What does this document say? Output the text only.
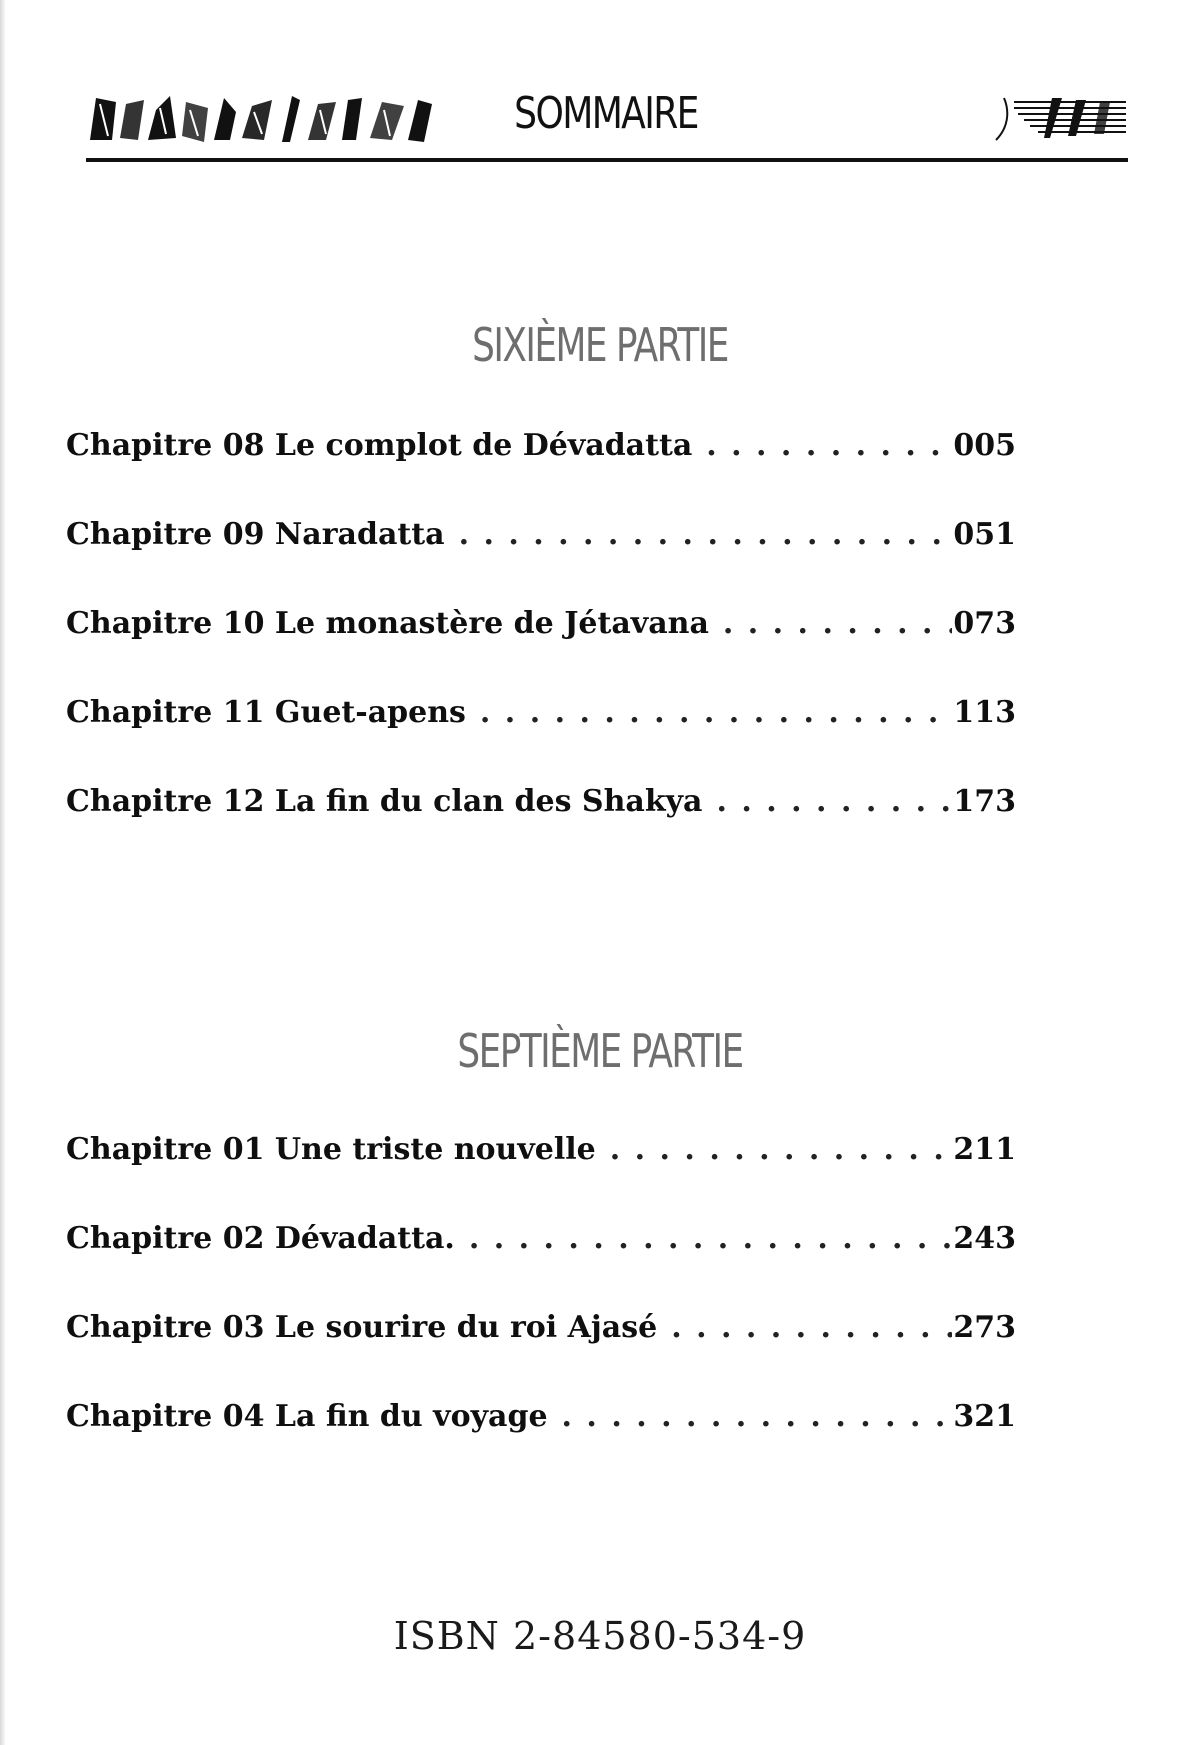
SOMMAIRE
SIXIÈME PARTIE
Chapitre 08 Le complot de Dévadatta . . .	005
Chapitre 09 Naradatta . . .	051
Chapitre 10 Le monastère de Jétavana . . .	073
Chapitre 11 Guet-apens . . .	113
Chapitre 12 La fin du clan des Shakya . . .	173
SEPTIÈME PARTIE
Chapitre 01 Une triste nouvelle . . .	211
Chapitre 02 Dévadatta. . . .	243
Chapitre 03 Le sourire du roi Ajasé . . .	273
Chapitre 04 La fin du voyage . . .	321
ISBN 2-84580-534-9
